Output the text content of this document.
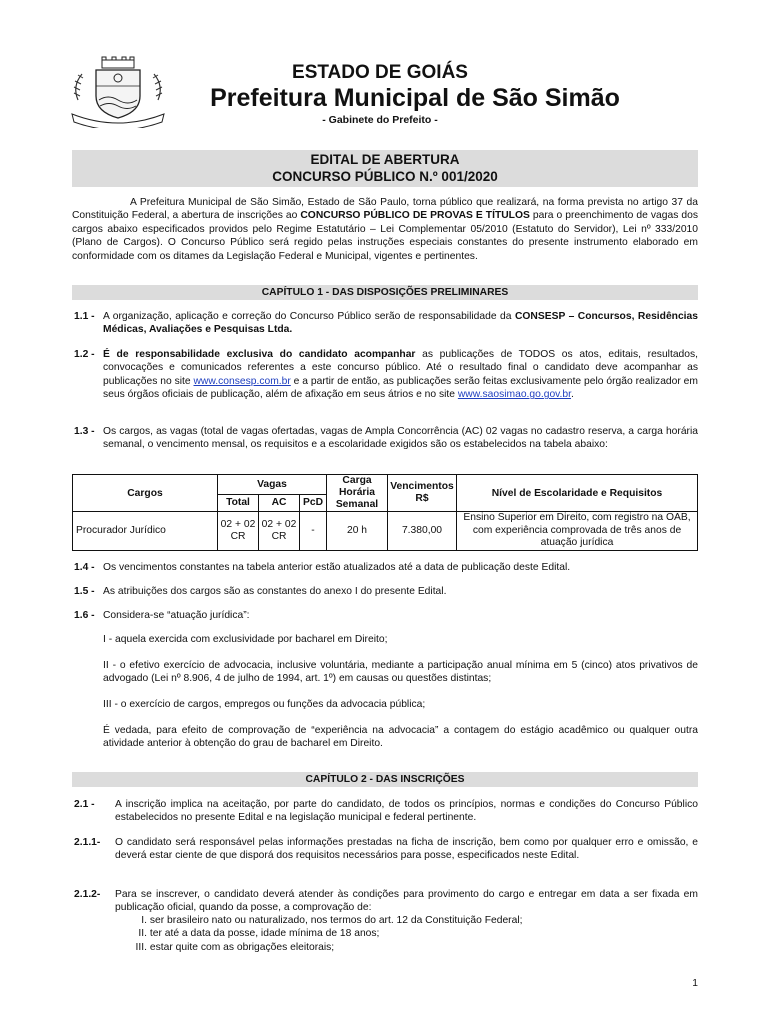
ESTADO DE GOIÁS
Prefeitura Municipal de São Simão
- Gabinete do Prefeito -
EDITAL DE ABERTURA
CONCURSO PÚBLICO N.º 001/2020
A Prefeitura Municipal de São Simão, Estado de São Paulo, torna público que realizará, na forma prevista no artigo 37 da Constituição Federal, a abertura de inscrições ao CONCURSO PÚBLICO DE PROVAS E TÍTULOS para o preenchimento de vagas dos cargos abaixo especificados providos pelo Regime Estatutário – Lei Complementar 05/2010 (Estatuto do Servidor), Lei nº 333/2010 (Plano de Cargos). O Concurso Público será regido pelas instruções especiais constantes do presente instrumento elaborado em conformidade com os ditames da Legislação Federal e Municipal, vigentes e pertinentes.
CAPÍTULO 1 - DAS DISPOSIÇÕES PRELIMINARES
1.1 - A organização, aplicação e correção do Concurso Público serão de responsabilidade da CONSESP – Concursos, Residências Médicas, Avaliações e Pesquisas Ltda.
1.2 - É de responsabilidade exclusiva do candidato acompanhar as publicações de TODOS os atos, editais, resultados, convocações e comunicados referentes a este concurso público. Até o resultado final o candidato deve acompanhar as publicações no site www.consesp.com.br e a partir de então, as publicações serão feitas exclusivamente pelo órgão realizador em seus órgãos oficiais de publicação, além de afixação em seus átrios e no site www.saosimao.go.gov.br.
1.3 - Os cargos, as vagas (total de vagas ofertadas, vagas de Ampla Concorrência (AC) 02 vagas no cadastro reserva, a carga horária semanal, o vencimento mensal, os requisitos e a escolaridade exigidos são os estabelecidos na tabela abaixo:
Cargos	Vagas			Carga Horária Semanal	Vencimentos R$	Nível de Escolaridade e Requisitos
	Total	AC	PcD			
Procurador Jurídico	02 + 02 CR	02 + 02 CR	-	20 h	7.380,00	Ensino Superior em Direito, com registro na OAB, com experiência comprovada de três anos de atuação jurídica
1.4 - Os vencimentos constantes na tabela anterior estão atualizados até a data de publicação deste Edital.
1.5 - As atribuições dos cargos são as constantes do anexo I do presente Edital.
1.6 - Considera-se “atuação jurídica”:
I - aquela exercida com exclusividade por bacharel em Direito;
II - o efetivo exercício de advocacia, inclusive voluntária, mediante a participação anual mínima em 5 (cinco) atos privativos de advogado (Lei nº 8.906, 4 de julho de 1994, art. 1º) em causas ou questões distintas;
III - o exercício de cargos, empregos ou funções da advocacia pública;
É vedada, para efeito de comprovação de “experiência na advocacia” a contagem do estágio acadêmico ou qualquer outra atividade anterior à obtenção do grau de bacharel em Direito.
CAPÍTULO 2 - DAS INSCRIÇÕES
2.1 - A inscrição implica na aceitação, por parte do candidato, de todos os princípios, normas e condições do Concurso Público estabelecidos no presente Edital e na legislação municipal e federal pertinente.
2.1.1- O candidato será responsável pelas informações prestadas na ficha de inscrição, bem como por qualquer erro e omissão, e deverá estar ciente de que disporá dos requisitos necessários para posse, especificados neste Edital.
2.1.2- Para se inscrever, o candidato deverá atender às condições para provimento do cargo e entregar em data a ser fixada em publicação oficial, quando da posse, a comprovação de:
I. ser brasileiro nato ou naturalizado, nos termos do art. 12 da Constituição Federal;
II. ter até a data da posse, idade mínima de 18 anos;
III. estar quite com as obrigações eleitorais;
1
